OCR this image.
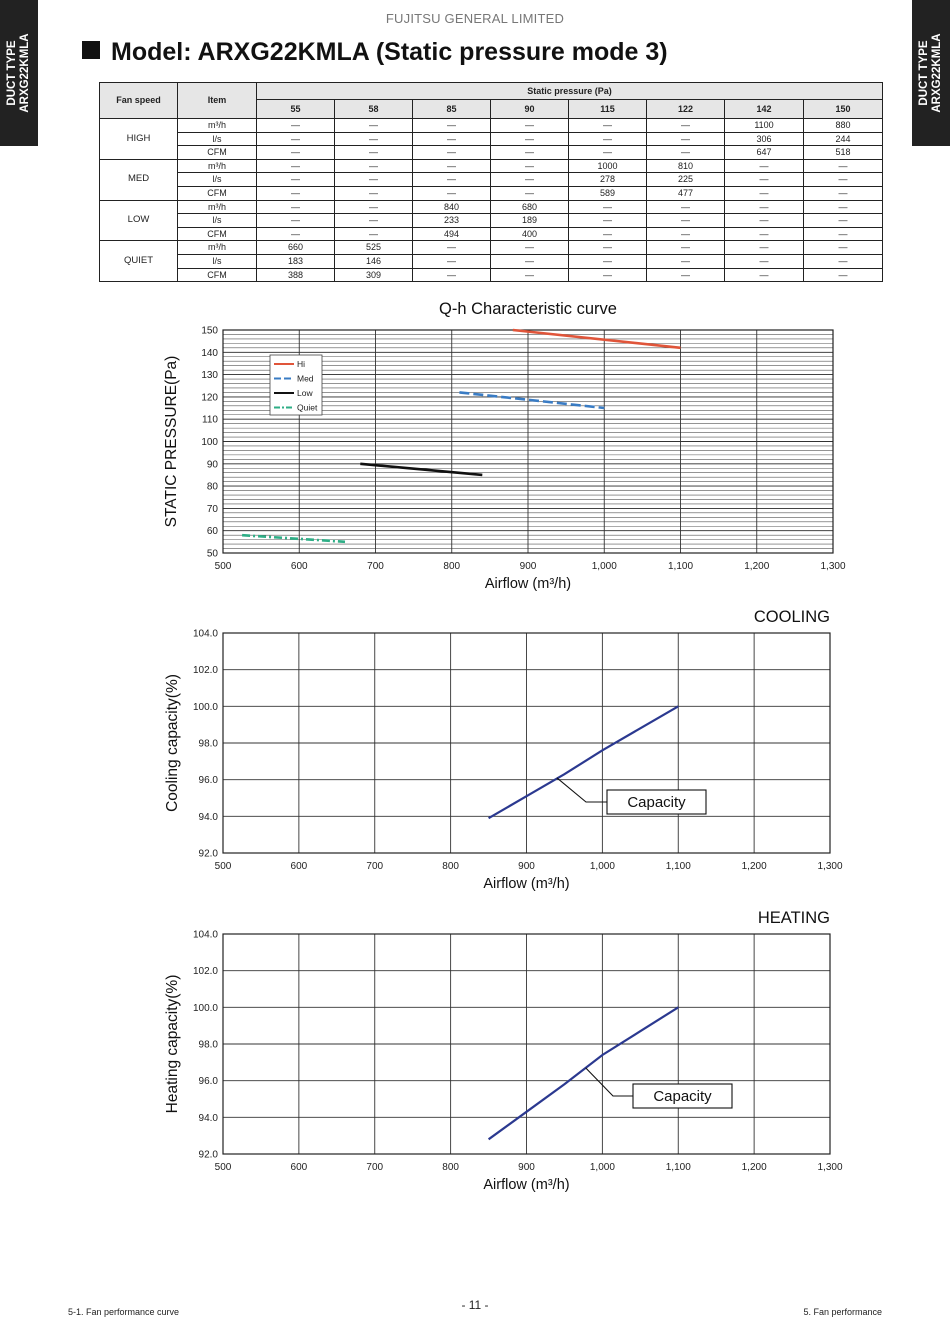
DUCT TYPE ARXG22KMLA	DUCT TYPE ARXG22KMLA
FUJITSU GENERAL LIMITED
Model: ARXG22KMLA (Static pressure mode 3)
Fan speed	Item	Static pressure (Pa)							
		55	58	85	90	115	122	142	150
HIGH	m³/h	—	—	—	—	—	—	1100	880
	l/s	—	—	—	—	—	—	306	244
	CFM	—	—	—	—	—	—	647	518
MED	m³/h	—	—	—	—	1000	810	—	—
	l/s	—	—	—	—	278	225	—	—
	CFM	—	—	—	—	589	477	—	—
LOW	m³/h	—	—	840	680	—	—	—	—
	l/s	—	—	233	189	—	—	—	—
	CFM	—	—	494	400	—	—	—	—
QUIET	m³/h	660	525	—	—	—	—	—	—
	l/s	183	146	—	—	—	—	—	—
	CFM	388	309	—	—	—	—	—	—
50
60
70
80
90
100
110
120
130
140
150
500	600	700	800	900	1,000	1,100	1,200	1,300
Airflow (m³/h)
STATIC PRESSURE(Pa)
Q-h Characteristic curve
Hi
Med
Low
Quiet
92.0
94.0
96.0
98.0
100.0
102.0
104.0
500	600	700	800	900	1,000	1,100	1,200	1,300
Airflow (m³/h)
Cooling capacity(%)
COOLING
Capacity
92.0
94.0
96.0
98.0
100.0
102.0
104.0
500	600	700	800	900	1,000	1,100	1,200	1,300
Airflow (m³/h)
Heating capacity(%)
HEATING
Capacity
5-1. Fan performance curve	- 11 -	5. Fan performance
